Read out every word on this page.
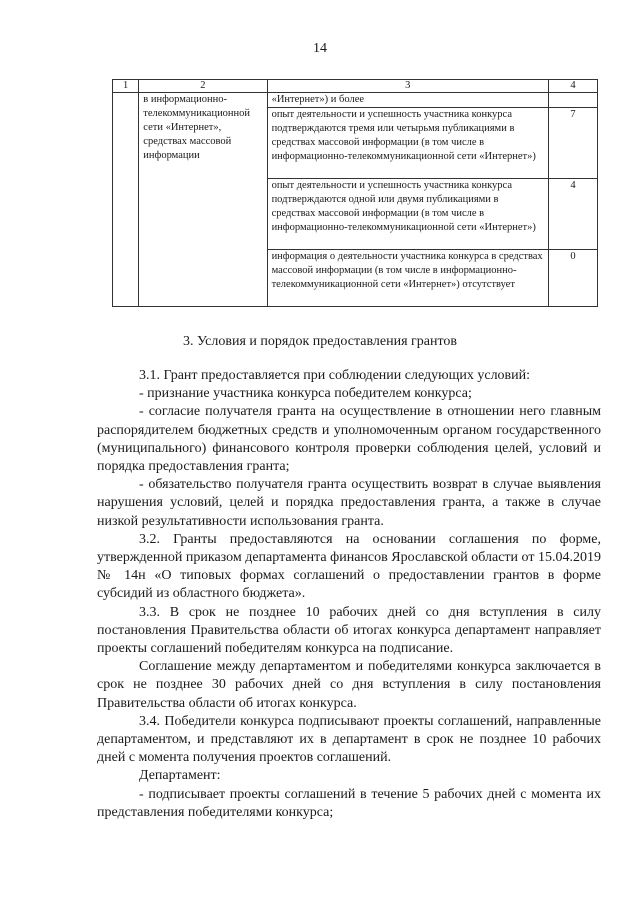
14
1	2	3	4
	в информационно-телекоммуникационной сети «Интернет», средствах массовой информации	«Интернет») и более	
		опыт деятельности и успешность участника конкурса подтверждаются тремя или четырьмя публикациями в средствах массовой информации (в том числе в информационно-телекоммуникационной сети «Интернет»)	7
		опыт деятельности и успешность участника конкурса подтверждаются одной или двумя публикациями в средствах массовой информации (в том числе в информационно-телекоммуникационной сети «Интернет»)	4
		информация о деятельности участника конкурса в средствах массовой информации (в том числе в информационно-телекоммуникационной сети «Интернет») отсутствует	0
3. Условия и порядок предоставления грантов

3.1. Грант предоставляется при соблюдении следующих условий:

- признание участника конкурса победителем конкурса;

- согласие получателя гранта на осуществление в отношении него главным распорядителем бюджетных средств и уполномоченным органом государственного (муниципального) финансового контроля проверки соблюдения целей, условий и порядка предоставления гранта;

- обязательство получателя гранта осуществить возврат в случае выявления нарушения условий, целей и порядка предоставления гранта, а также в случае низкой результативности использования гранта.

3.2. Гранты предоставляются на основании соглашения по форме, утвержденной приказом департамента финансов Ярославской области от 15.04.2019 № 14н «О типовых формах соглашений о предоставлении грантов в форме субсидий из областного бюджета».

3.3. В срок не позднее 10 рабочих дней со дня вступления в силу постановления Правительства области об итогах конкурса департамент направляет проекты соглашений победителям конкурса на подписание.

Соглашение между департаментом и победителями конкурса заключается в срок не позднее 30 рабочих дней со дня вступления в силу постановления Правительства области об итогах конкурса.

3.4. Победители конкурса подписывают проекты соглашений, направленные департаментом, и представляют их в департамент в срок не позднее 10 рабочих дней с момента получения проектов соглашений.

Департамент:

- подписывает проекты соглашений в течение 5 рабочих дней с момента их представления победителями конкурса;
